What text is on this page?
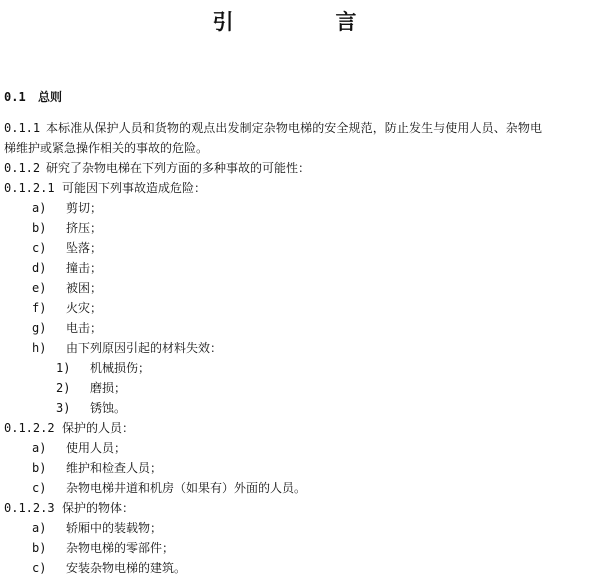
引　　言
0.1 总则
0.1.1 本标准从保护人员和货物的观点出发制定杂物电梯的安全规范，防止发生与使用人员、杂物电
梯维护或紧急操作相关的事故的危险。
0.1.2 研究了杂物电梯在下列方面的多种事故的可能性：
0.1.2.1 可能因下列事故造成危险：
a) 剪切；
b) 挤压；
c) 坠落；
d) 撞击；
e) 被困；
f) 火灾；
g) 电击；
h) 由下列原因引起的材料失效：
1) 机械损伤；
2) 磨损；
3) 锈蚀。
0.1.2.2 保护的人员：
a) 使用人员；
b) 维护和检查人员；
c) 杂物电梯井道和机房（如果有）外面的人员。
0.1.2.3 保护的物体：
a) 轿厢中的装载物；
b) 杂物电梯的零部件；
c) 安装杂物电梯的建筑。
